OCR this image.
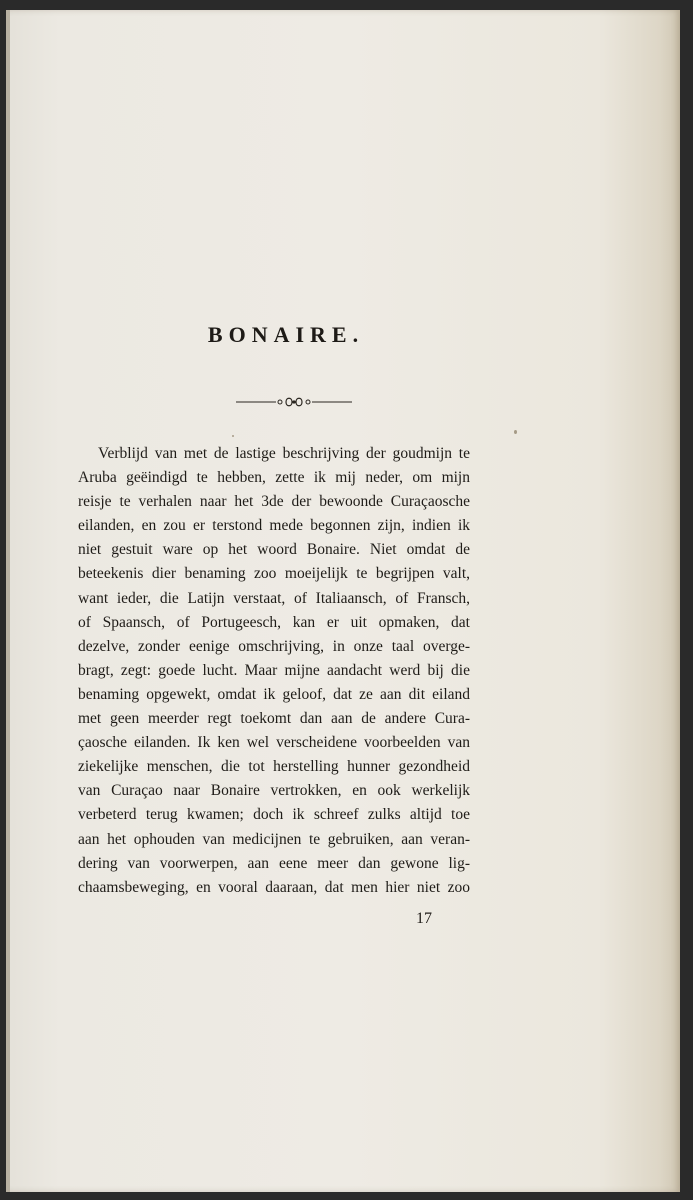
BONAIRE.
Verblijd van met de lastige beschrijving der goudmijn te
Aruba geëindigd te hebben, zette ik mij neder, om mijn
reisje te verhalen naar het 3de der bewoonde Curaçaosche
eilanden, en zou er terstond mede begonnen zijn, indien ik
niet gestuit ware op het woord Bonaire. Niet omdat de
beteekenis dier benaming zoo moeijelijk te begrijpen valt,
want ieder, die Latijn verstaat, of Italiaansch, of Fransch,
of Spaansch, of Portugeesch, kan er uit opmaken, dat
dezelve, zonder eenige omschrijving, in onze taal overge-
bragt, zegt: goede lucht. Maar mijne aandacht werd bij die
benaming opgewekt, omdat ik geloof, dat ze aan dit eiland
met geen meerder regt toekomt dan aan de andere Cura-
çaosche eilanden. Ik ken wel verscheidene voorbeelden van
ziekelijke menschen, die tot herstelling hunner gezondheid
van Curaçao naar Bonaire vertrokken, en ook werkelijk
verbeterd terug kwamen; doch ik schreef zulks altijd toe
aan het ophouden van medicijnen te gebruiken, aan veran-
dering van voorwerpen, aan eene meer dan gewone lig-
chaamsbeweging, en vooral daaraan, dat men hier niet zoo
17
